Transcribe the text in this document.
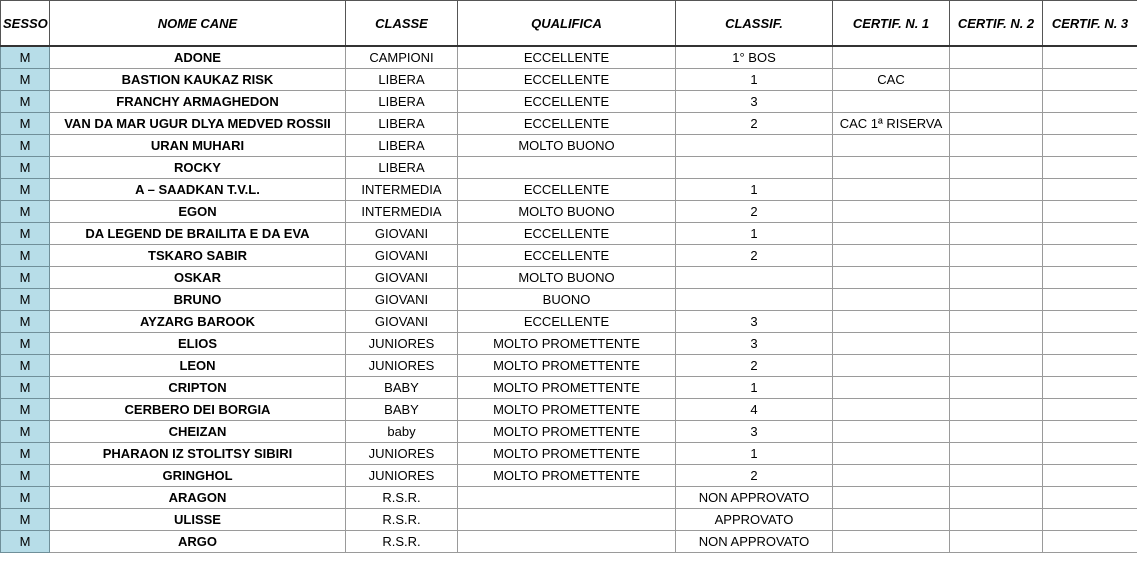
SESSO	NOME CANE	CLASSE	QUALIFICA	CLASSIF.	CERTIF. N. 1	CERTIF. N. 2	CERTIF. N. 3
M	ADONE	CAMPIONI	ECCELLENTE	1° BOS			
M	BASTION KAUKAZ RISK	LIBERA	ECCELLENTE	1	CAC		
M	FRANCHY ARMAGHEDON	LIBERA	ECCELLENTE	3			
M	VAN DA MAR UGUR DLYA MEDVED ROSSII	LIBERA	ECCELLENTE	2	CAC 1ª RISERVA		
M	URAN MUHARI	LIBERA	MOLTO BUONO				
M	ROCKY	LIBERA					
M	A – SAADKAN T.V.L.	INTERMEDIA	ECCELLENTE	1			
M	EGON	INTERMEDIA	MOLTO BUONO	2			
M	DA LEGEND DE BRAILITA E DA EVA	GIOVANI	ECCELLENTE	1			
M	TSKARO SABIR	GIOVANI	ECCELLENTE	2			
M	OSKAR	GIOVANI	MOLTO BUONO				
M	BRUNO	GIOVANI	BUONO				
M	AYZARG BAROOK	GIOVANI	ECCELLENTE	3			
M	ELIOS	JUNIORES	MOLTO PROMETTENTE	3			
M	LEON	JUNIORES	MOLTO PROMETTENTE	2			
M	CRIPTON	BABY	MOLTO PROMETTENTE	1			
M	CERBERO DEI BORGIA	BABY	MOLTO PROMETTENTE	4			
M	CHEIZAN	baby	MOLTO PROMETTENTE	3			
M	PHARAON IZ STOLITSY SIBIRI	JUNIORES	MOLTO PROMETTENTE	1			
M	GRINGHOL	JUNIORES	MOLTO PROMETTENTE	2			
M	ARAGON	R.S.R.		NON APPROVATO			
M	ULISSE	R.S.R.		APPROVATO			
M	ARGO	R.S.R.		NON APPROVATO			
